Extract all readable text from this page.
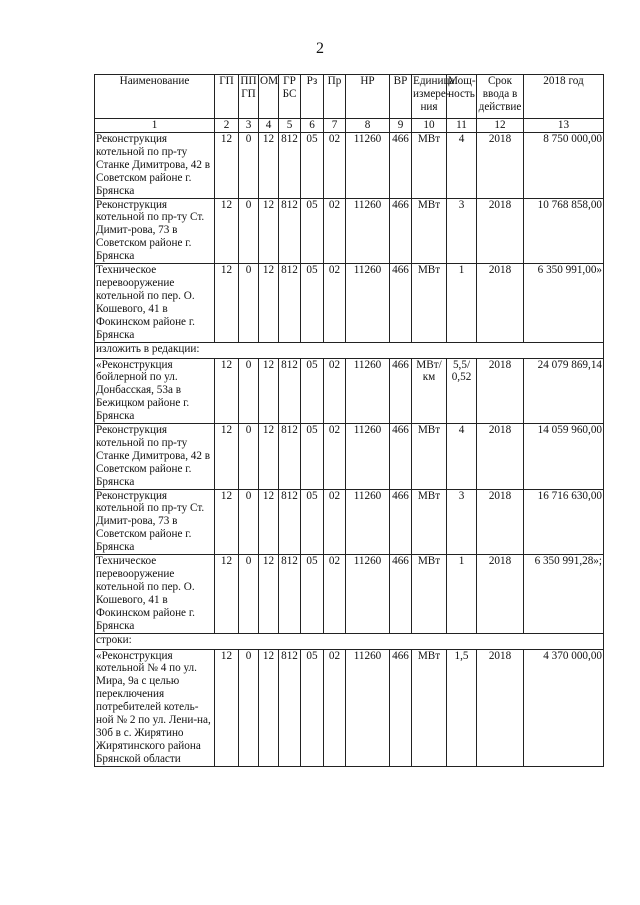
2
Наименование	ГП	ПП ГП	ОМ	ГР БС	Рз	Пр	НР	ВР	Единица измере-ния	Мощ-ность	Срок ввода в действие	2018 год
1	2	3	4	5	6	7	8	9	10	11	12	13
Реконструкция котельной по пр-ту Станке Димитрова, 42 в Советском районе г. Брянска	12	0	12	812	05	02	11260	466	МВт	4	2018	8 750 000,00
Реконструкция котельной по пр-ту Ст. Димит-рова, 73 в Советском районе г. Брянска	12	0	12	812	05	02	11260	466	МВт	3	2018	10 768 858,00
Техническое перевооружение котельной по пер. О. Кошевого, 41 в Фокинском районе г. Брянска	12	0	12	812	05	02	11260	466	МВт	1	2018	6 350 991,00»
изложить в редакции:												
«Реконструкция бойлерной по ул. Донбасская, 53а в Бежицком районе г. Брянска	12	0	12	812	05	02	11260	466	МВт/км	5,5/ 0,52	2018	24 079 869,14
Реконструкция котельной по пр-ту Станке Димитрова, 42 в Советском районе г. Брянска	12	0	12	812	05	02	11260	466	МВт	4	2018	14 059 960,00
Реконструкция котельной по пр-ту Ст. Димит-рова, 73 в Советском районе г. Брянска	12	0	12	812	05	02	11260	466	МВт	3	2018	16 716 630,00
Техническое перевооружение котельной по пер. О. Кошевого, 41 в Фокинском районе г. Брянска	12	0	12	812	05	02	11260	466	МВт	1	2018	6 350 991,28»;
строки:												
«Реконструкция котельной № 4 по ул. Мира, 9а с целью переключения потребителей котель-ной № 2 по ул. Лени-на, 30б в с. Жирятино Жирятинского района Брянской области	12	0	12	812	05	02	11260	466	МВт	1,5	2018	4 370 000,00
